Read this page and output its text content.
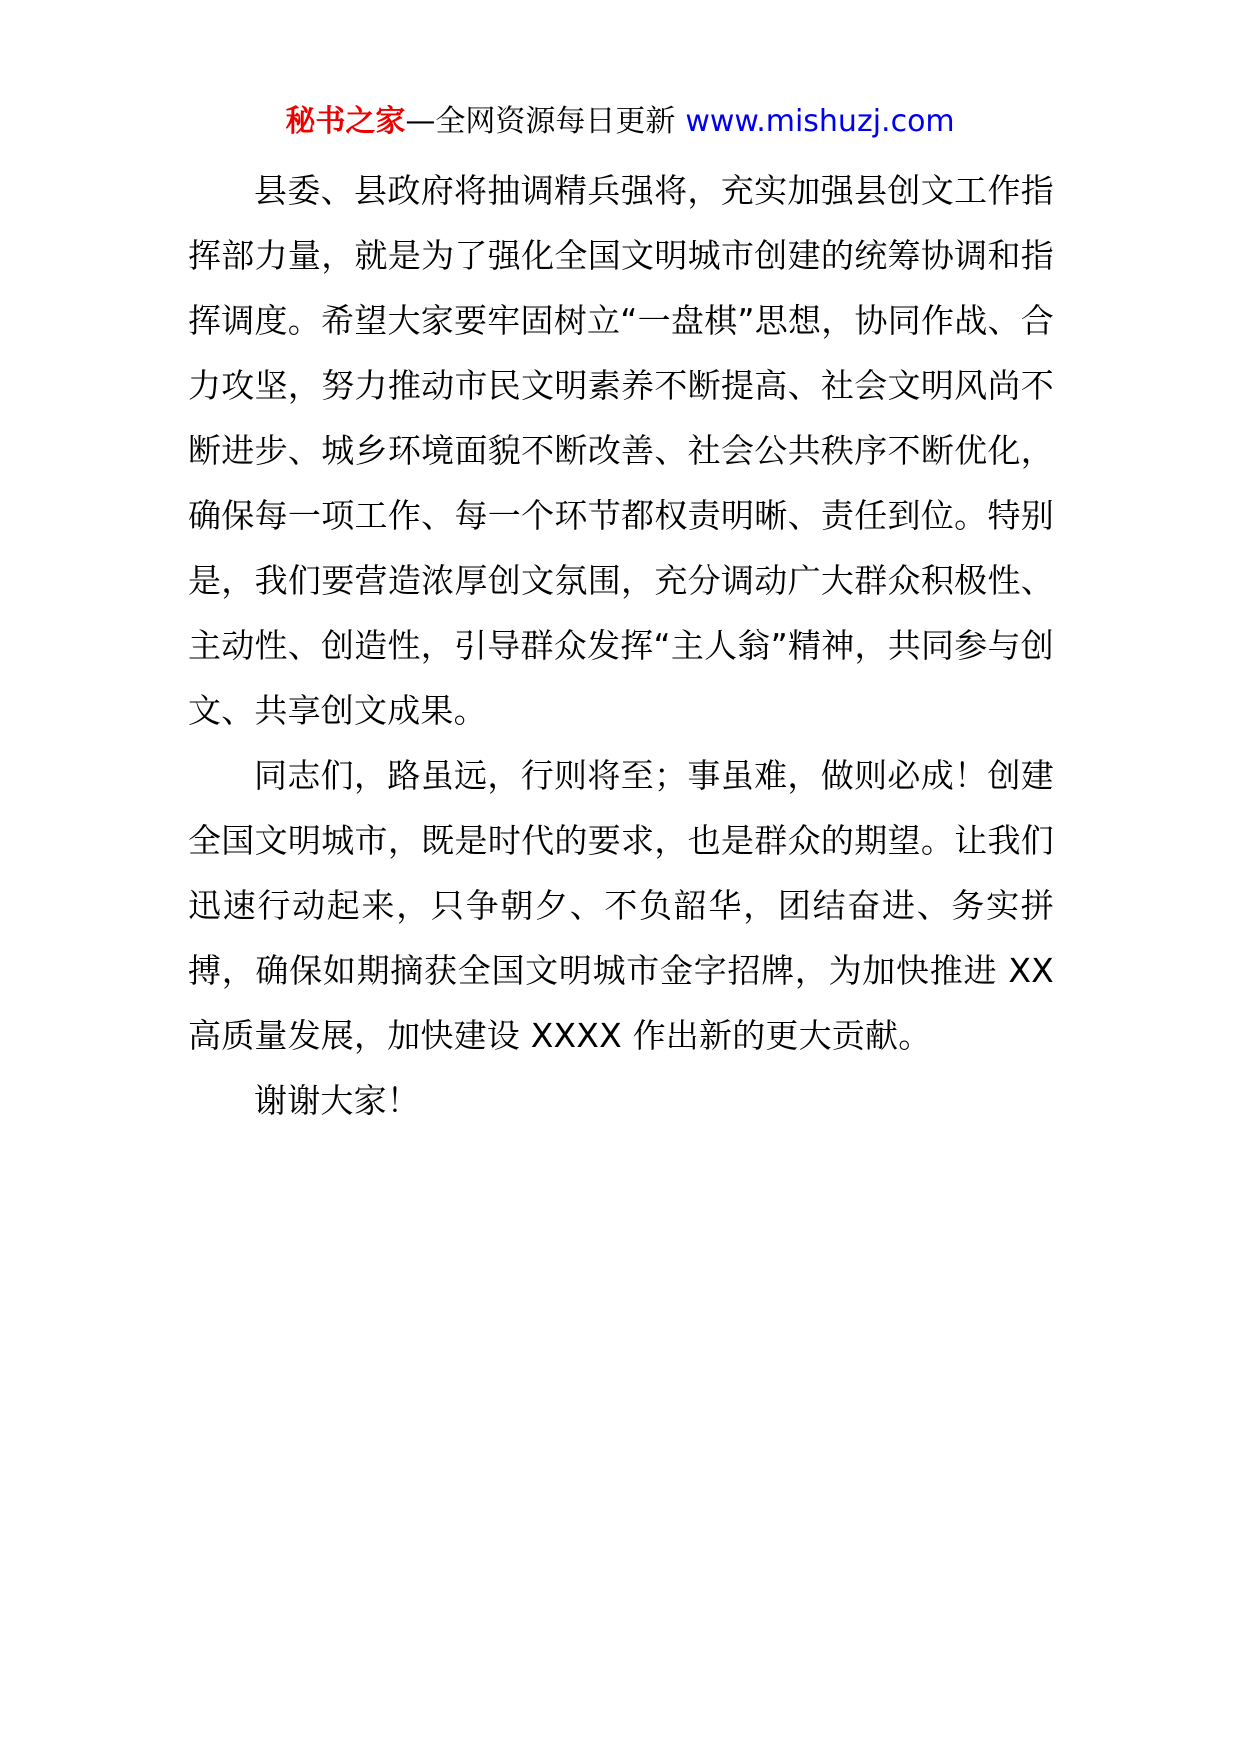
秘书之家—全网资源每日更新 www.mishuzj.com

县委、县政府将抽调精兵强将，充实加强县创文工作指挥部力量，就是为了强化全国文明城市创建的统筹协调和指挥调度。希望大家要牢固树立“一盘棋”思想，协同作战、合力攻坚，努力推动市民文明素养不断提高、社会文明风尚不断进步、城乡环境面貌不断改善、社会公共秩序不断优化，确保每一项工作、每一个环节都权责明晰、责任到位。特别是，我们要营造浓厚创文氛围，充分调动广大群众积极性、主动性、创造性，引导群众发挥“主人翁”精神，共同参与创文、共享创文成果。

同志们，路虽远，行则将至；事虽难，做则必成！创建全国文明城市，既是时代的要求，也是群众的期望。让我们迅速行动起来，只争朝夕、不负韶华，团结奋进、务实拼搏，确保如期摘获全国文明城市金字招牌，为加快推进 XX 高质量发展，加快建设 XXXX 作出新的更大贡献。

谢谢大家！
